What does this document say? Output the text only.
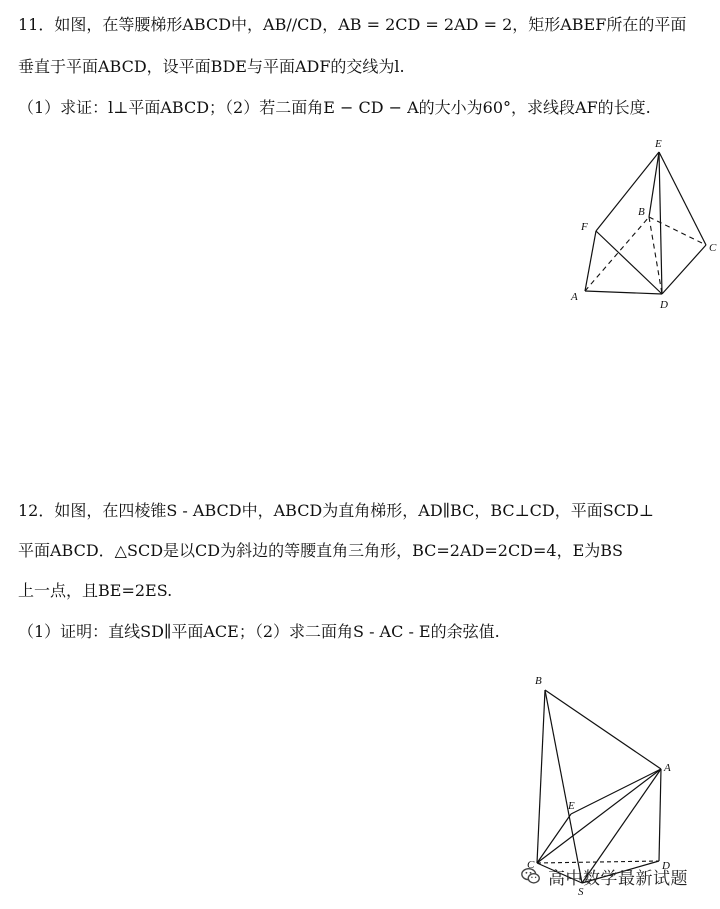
11．如图，在等腰梯形ABCD中，AB//CD，AB = 2CD = 2AD = 2，矩形ABEF所在的平面
垂直于平面ABCD，设平面BDE与平面ADF的交线为l.
（1）求证：l⊥平面ABCD；（2）若二面角E − CD − A的大小为60°，求线段AF的长度.
E
B
F
C
A
D
12．如图，在四棱锥S - ABCD中，ABCD为直角梯形，AD∥BC，BC⊥CD，平面SCD⊥
平面ABCD．△SCD是以CD为斜边的等腰直角三角形，BC=2AD=2CD=4，E为BS
上一点，且BE=2ES.
（1）证明：直线SD∥平面ACE；（2）求二面角S - AC - E的余弦值.
B
A
E
C	D
S
高中数学最新试题
